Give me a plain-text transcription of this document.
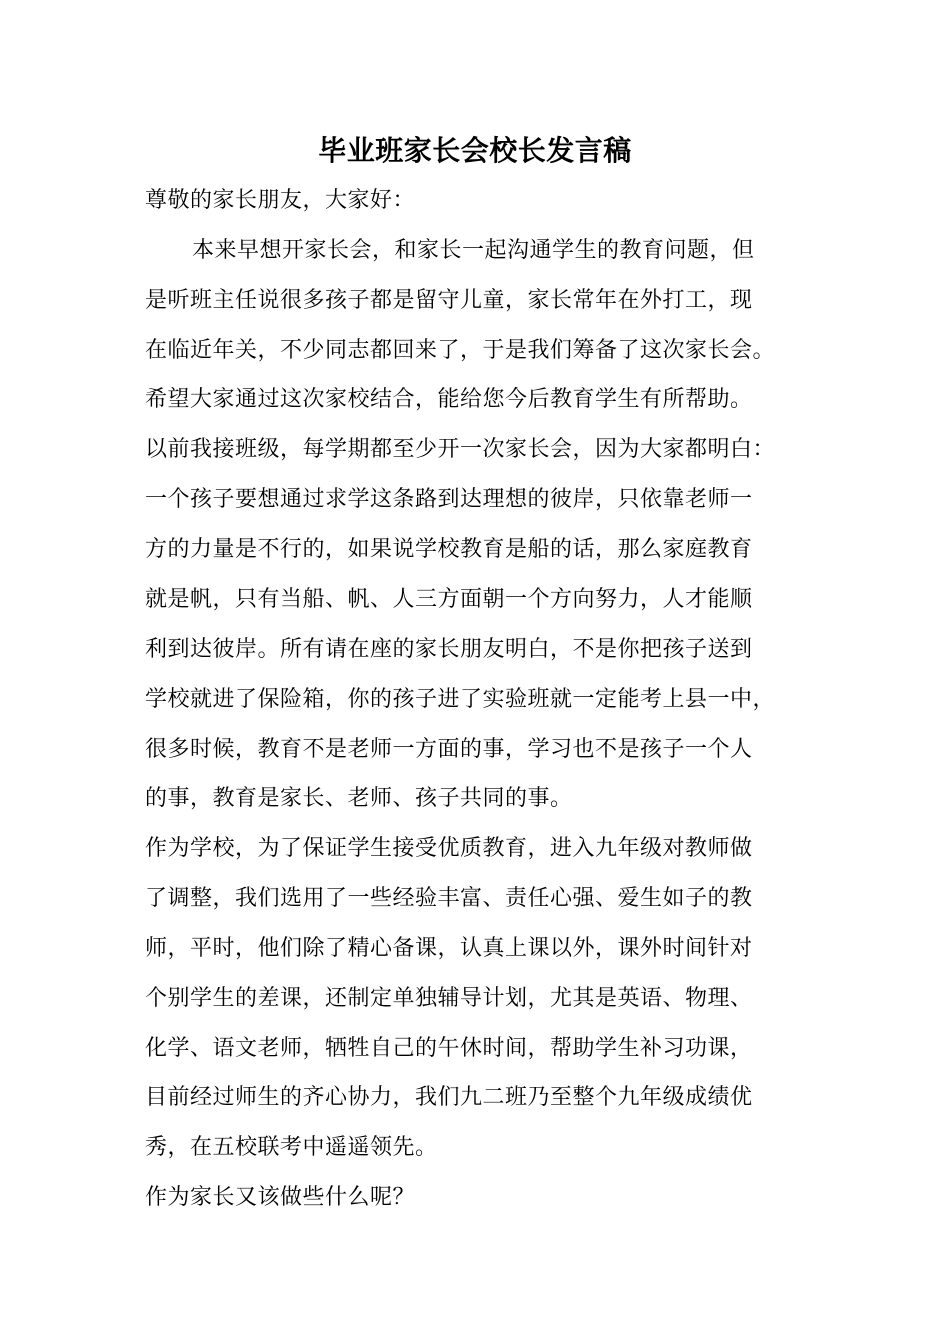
毕业班家长会校长发言稿
尊敬的家长朋友，大家好：
本来早想开家长会，和家长一起沟通学生的教育问题，但
是听班主任说很多孩子都是留守儿童，家长常年在外打工，现
在临近年关，不少同志都回来了，于是我们筹备了这次家长会。
希望大家通过这次家校结合，能给您今后教育学生有所帮助。
以前我接班级，每学期都至少开一次家长会，因为大家都明白：
一个孩子要想通过求学这条路到达理想的彼岸，只依靠老师一
方的力量是不行的，如果说学校教育是船的话，那么家庭教育
就是帆，只有当船、帆、人三方面朝一个方向努力，人才能顺
利到达彼岸。所有请在座的家长朋友明白，不是你把孩子送到
学校就进了保险箱，你的孩子进了实验班就一定能考上县一中，
很多时候，教育不是老师一方面的事，学习也不是孩子一个人
的事，教育是家长、老师、孩子共同的事。
作为学校，为了保证学生接受优质教育，进入九年级对教师做
了调整，我们选用了一些经验丰富、责任心强、爱生如子的教
师，平时，他们除了精心备课，认真上课以外，课外时间针对
个别学生的差课，还制定单独辅导计划，尤其是英语、物理、
化学、语文老师，牺牲自己的午休时间，帮助学生补习功课，
目前经过师生的齐心协力，我们九二班乃至整个九年级成绩优
秀，在五校联考中遥遥领先。
作为家长又该做些什么呢？
